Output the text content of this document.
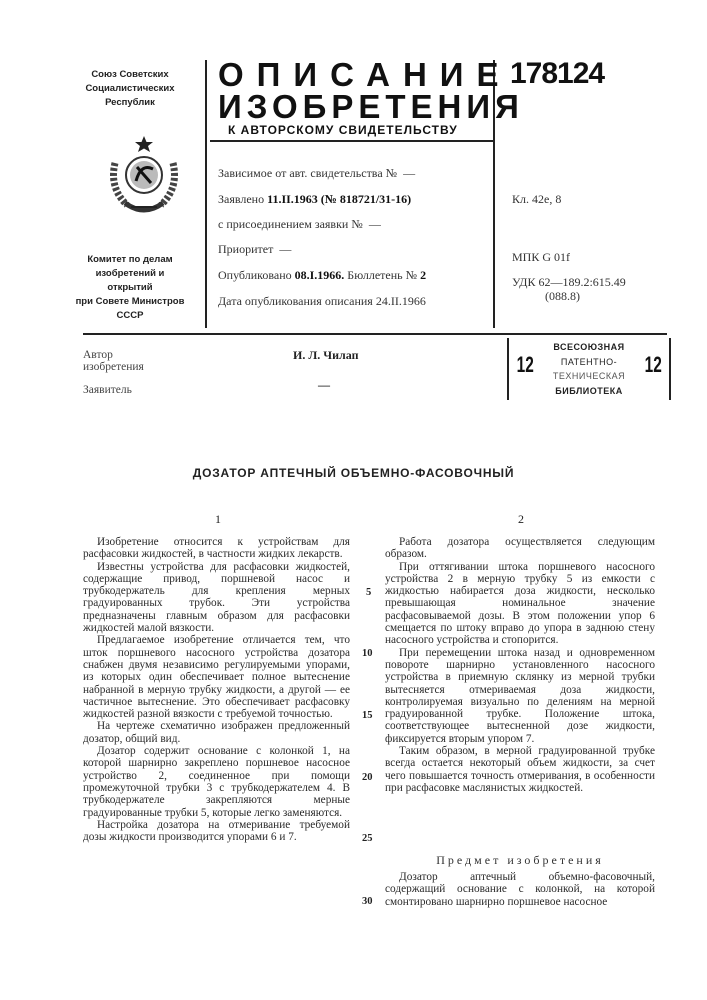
Союз Советских
Социалистических
Республик
Комитет по делам
изобретений и открытий
при Совете Министров
СССР
ОПИСАНИЕ
ИЗОБРЕТЕНИЯ
К АВТОРСКОМУ СВИДЕТЕЛЬСТВУ
178124
Зависимое от авт. свидетельства № —
Заявлено 11.II.1963 (№ 818721/31-16)
с присоединением заявки № —
Приоритет —
Опубликовано 08.I.1966. Бюллетень № 2
Дата опубликования описания 24.II.1966
Кл. 42е, 8
МПК G 01f
УДК 62—189.2:615.49
(088.8)
Автор
изобретения
И. Л. Чилап
Заявитель	—
ВСЕСОЮЗНАЯ
ПАТЕНТНО-
ТЕХНИЧЕСКАЯ
БИБЛИОТЕКА
12	12
ДОЗАТОР АПТЕЧНЫЙ ОБЪЕМНО-ФАСОВОЧНЫЙ
1	2

Изобретение относится к устройствам для расфасовки жидкостей, в частности жидких лекарств.

Известны устройства для расфасовки жидкостей, содержащие привод, поршневой насос и трубкодержатель для крепления мерных градуированных трубок. Эти устройства предназначены главным образом для расфасовки жидкостей малой вязкости.

Предлагаемое изобретение отличается тем, что шток поршневого насосного устройства дозатора снабжен двумя независимо регулируемыми упорами, из которых один обеспечивает полное вытеснение набранной в мерную трубку жидкости, а другой — ее частичное вытеснение. Это обеспечивает расфасовку жидкостей разной вязкости с требуемой точностью.

На чертеже схематично изображен предложенный дозатор, общий вид.

Дозатор содержит основание с колонкой 1, на которой шарнирно закреплено поршневое насосное устройство 2, соединенное при помощи промежуточной трубки 3 с трубкодержателем 4. В трубкодержателе закрепляются мерные градуированные трубки 5, которые легко заменяются.

Настройка дозатора на отмеривание требуемой дозы жидкости производится упорами 6 и 7.

5
10
15
20
25
30

Работа дозатора осуществляется следующим образом.

При оттягивании штока поршневого насосного устройства 2 в мерную трубку 5 из емкости с жидкостью набирается доза жидкости, несколько превышающая номинальное значение расфасовываемой дозы. В этом положении упор 6 смещается по штоку вправо до упора в заднюю стену насосного устройства и стопорится.

При перемещении штока назад и одновременном повороте шарнирно установленного насосного устройства в приемную склянку из мерной трубки вытесняется отмериваемая доза жидкости, контролируемая визуально по делениям на мерной градуированной трубке. Положение штока, соответствующее вытесненной дозе жидкости, фиксируется вторым упором 7.

Таким образом, в мерной градуированной трубке всегда остается некоторый объем жидкости, за счет чего повышается точность отмеривания, в особенности при расфасовке маслянистых жидкостей.

Предмет изобретения

Дозатор аптечный объемно-фасовочный, содержащий основание с колонкой, на которой смонтировано шарнирно поршневое насосное
